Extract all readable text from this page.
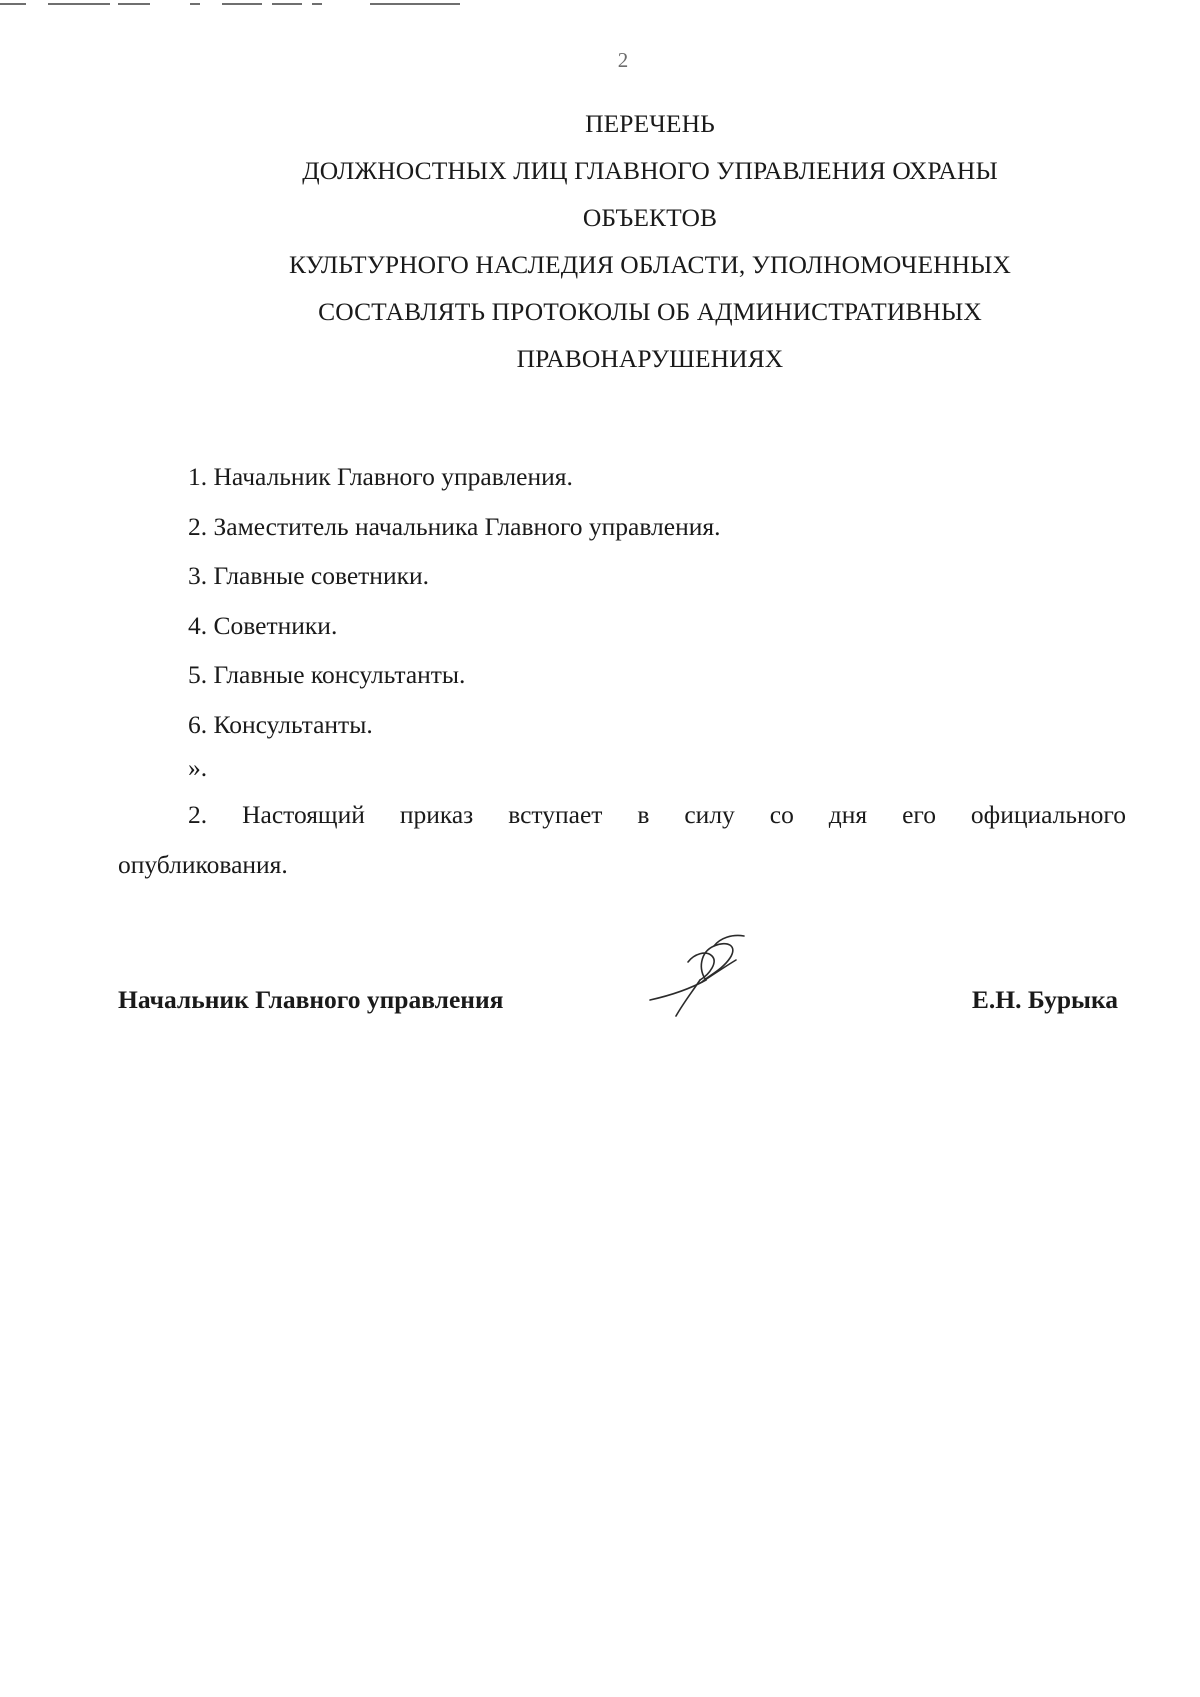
2
ПЕРЕЧЕНЬ
ДОЛЖНОСТНЫХ ЛИЦ ГЛАВНОГО УПРАВЛЕНИЯ ОХРАНЫ
ОБЪЕКТОВ
КУЛЬТУРНОГО НАСЛЕДИЯ ОБЛАСТИ, УПОЛНОМОЧЕННЫХ
СОСТАВЛЯТЬ ПРОТОКОЛЫ ОБ АДМИНИСТРАТИВНЫХ
ПРАВОНАРУШЕНИЯХ
1. Начальник Главного управления.
2. Заместитель начальника Главного управления.
3. Главные советники.
4. Советники.
5. Главные консультанты.
6. Консультанты.
».
2. Настоящий приказ вступает в силу со дня его официального
опубликования.
Начальник Главного управления	Е.Н. Бурыка
